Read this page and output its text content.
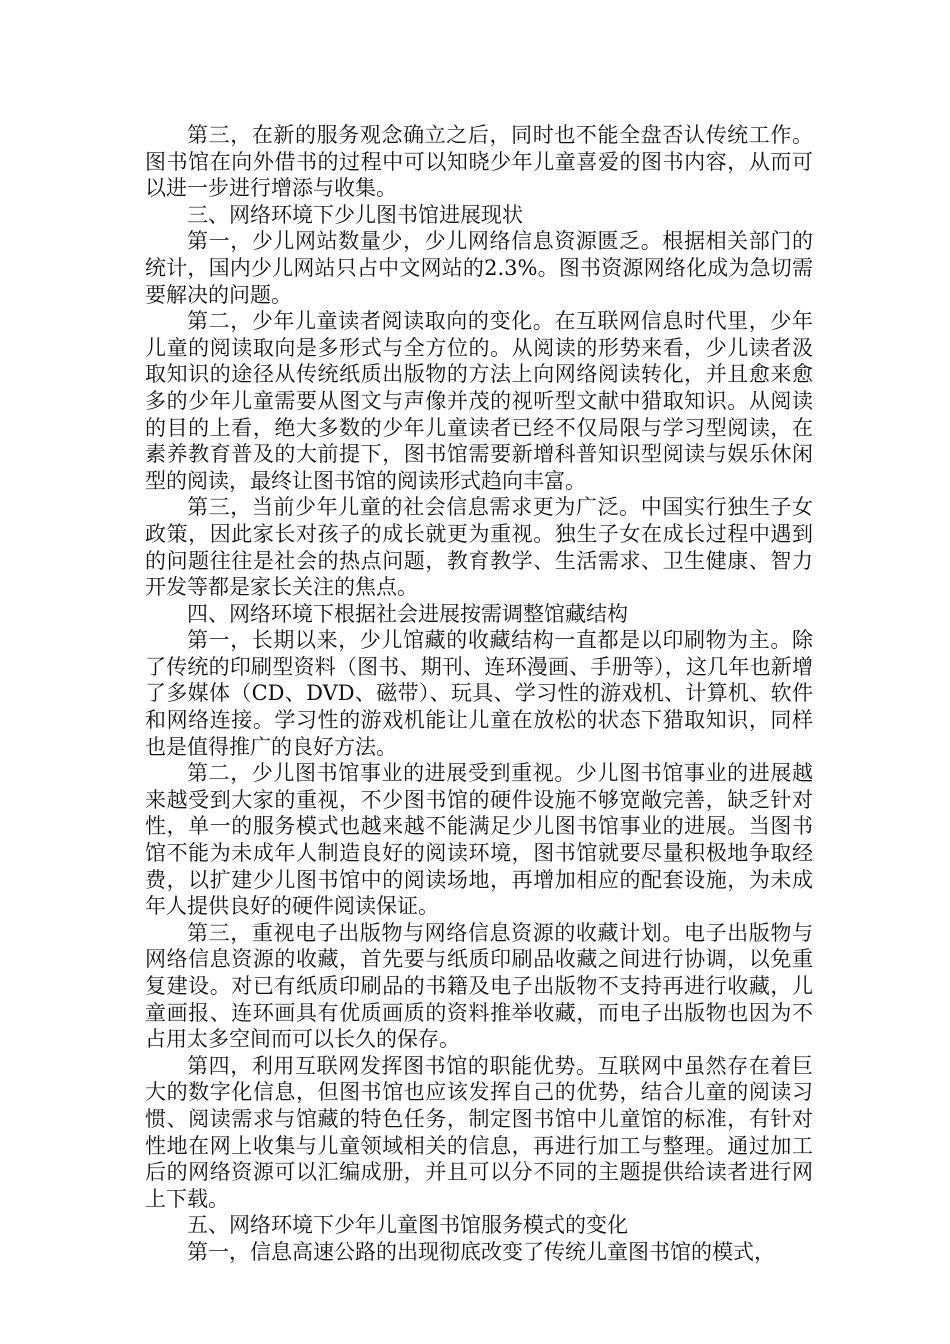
第三，在新的服务观念确立之后，同时也不能全盘否认传统工作。图书馆在向外借书的过程中可以知晓少年儿童喜爱的图书内容，从而可以进一步进行增添与收集。

三、网络环境下少儿图书馆进展现状

第一，少儿网站数量少，少儿网络信息资源匮乏。根据相关部门的统计，国内少儿网站只占中文网站的2.3%。图书资源网络化成为急切需要解决的问题。

第二，少年儿童读者阅读取向的变化。在互联网信息时代里，少年儿童的阅读取向是多形式与全方位的。从阅读的形势来看，少儿读者汲取知识的途径从传统纸质出版物的方法上向网络阅读转化，并且愈来愈多的少年儿童需要从图文与声像并茂的视听型文献中猎取知识。从阅读的目的上看，绝大多数的少年儿童读者已经不仅局限与学习型阅读，在素养教育普及的大前提下，图书馆需要新增科普知识型阅读与娱乐休闲型的阅读，最终让图书馆的阅读形式趋向丰富。

第三，当前少年儿童的社会信息需求更为广泛。中国实行独生子女政策，因此家长对孩子的成长就更为重视。独生子女在成长过程中遇到的问题往往是社会的热点问题，教育教学、生活需求、卫生健康、智力开发等都是家长关注的焦点。

四、网络环境下根据社会进展按需调整馆藏结构

第一，长期以来，少儿馆藏的收藏结构一直都是以印刷物为主。除了传统的印刷型资料（图书、期刊、连环漫画、手册等），这几年也新增了多媒体（CD、DVD、磁带）、玩具、学习性的游戏机、计算机、软件和网络连接。学习性的游戏机能让儿童在放松的状态下猎取知识，同样也是值得推广的良好方法。

第二，少儿图书馆事业的进展受到重视。少儿图书馆事业的进展越来越受到大家的重视，不少图书馆的硬件设施不够宽敞完善，缺乏针对性，单一的服务模式也越来越不能满足少儿图书馆事业的进展。当图书馆不能为未成年人制造良好的阅读环境，图书馆就要尽量积极地争取经费，以扩建少儿图书馆中的阅读场地，再增加相应的配套设施，为未成年人提供良好的硬件阅读保证。

第三，重视电子出版物与网络信息资源的收藏计划。电子出版物与网络信息资源的收藏，首先要与纸质印刷品收藏之间进行协调，以免重复建设。对已有纸质印刷品的书籍及电子出版物不支持再进行收藏，儿童画报、连环画具有优质画质的资料推举收藏，而电子出版物也因为不占用太多空间而可以长久的保存。

第四，利用互联网发挥图书馆的职能优势。互联网中虽然存在着巨大的数字化信息，但图书馆也应该发挥自己的优势，结合儿童的阅读习惯、阅读需求与馆藏的特色任务，制定图书馆中儿童馆的标准，有针对性地在网上收集与儿童领域相关的信息，再进行加工与整理。通过加工后的网络资源可以汇编成册，并且可以分不同的主题提供给读者进行网上下载。

五、网络环境下少年儿童图书馆服务模式的变化

第一，信息高速公路的出现彻底改变了传统儿童图书馆的模式，
